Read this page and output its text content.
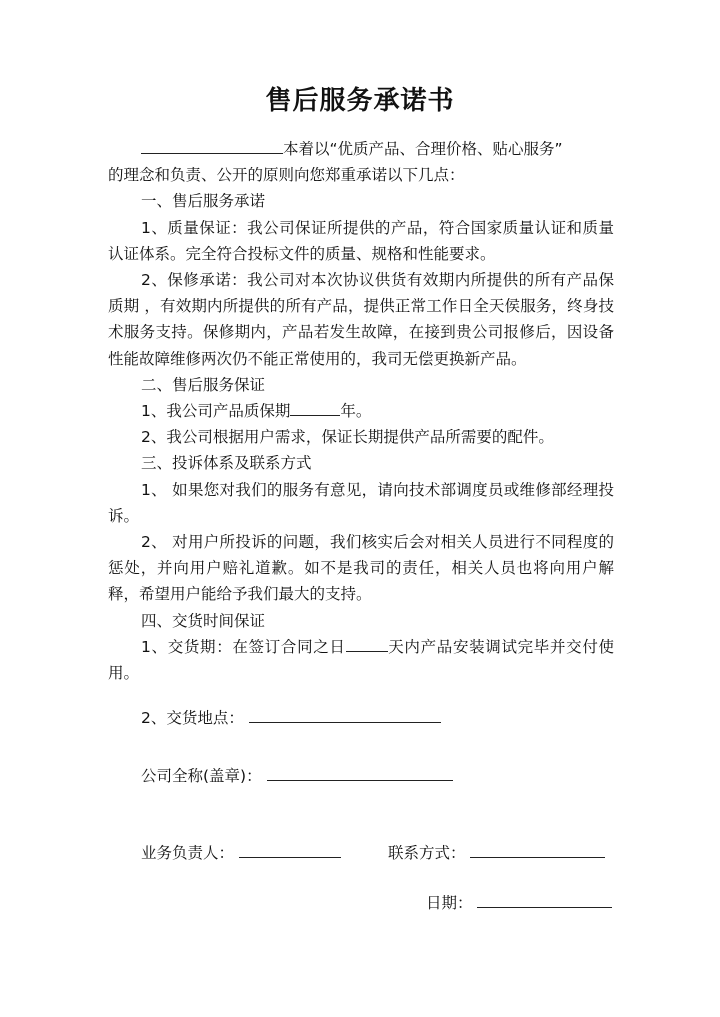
售后服务承诺书

本着以“优质产品、合理价格、贴心服务”

的理念和负责、公开的原则向您郑重承诺以下几点：

一、售后服务承诺

1、质量保证：我公司保证所提供的产品，符合国家质量认证和质量认证体系。完全符合投标文件的质量、规格和性能要求。

2、保修承诺：我公司对本次协议供货有效期内所提供的所有产品保质期 ，有效期内所提供的所有产品，提供正常工作日全天侯服务，终身技术服务支持。保修期内，产品若发生故障，在接到贵公司报修后，因设备性能故障维修两次仍不能正常使用的，我司无偿更换新产品。

二、售后服务保证

1、我公司产品质保期	年。

2、我公司根据用户需求，保证长期提供产品所需要的配件。

三、投诉体系及联系方式

1、 如果您对我们的服务有意见，请向技术部调度员或维修部经理投诉。

2、 对用户所投诉的问题，我们核实后会对相关人员进行不同程度的惩处，并向用户赔礼道歉。如不是我司的责任，相关人员也将向用户解释，希望用户能给予我们最大的支持。

四、交货时间保证

1、交货期：在签订合同之日	天内产品安装调试完毕并交付使用。

2、交货地点：
公司全称(盖章)：
业务负责人：	联系方式：
日期：
